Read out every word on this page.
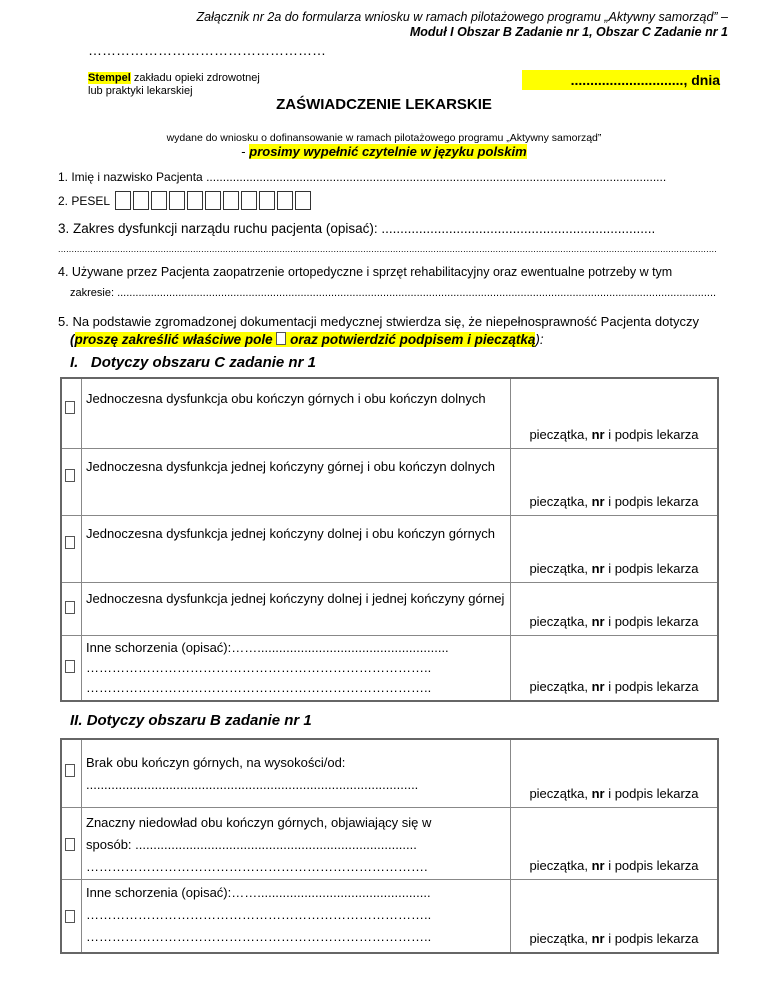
Załącznik nr 2a do formularza wniosku w ramach pilotażowego programu „Aktywny samorząd” –
Moduł I Obszar B Zadanie nr 1, Obszar C Zadanie nr 1
……………………………………………
Stempel zakładu opieki zdrowotnej
lub praktyki lekarskiej
............................., dnia
ZAŚWIADCZENIE LEKARSKIE
wydane do wniosku o dofinansowanie w ramach pilotażowego programu „Aktywny samorząd”
- prosimy wypełnić czytelnie w języku polskim
1. Imię i nazwisko Pacjenta ..........................................................................................................................................
2. PESEL
3. Zakres dysfunkcji narządu ruchu pacjenta (opisać): .........................................................................
....................................................................................................................................................................................................................................................
4. Używane przez Pacjenta zaopatrzenie ortopedyczne i sprzęt rehabilitacyjny oraz ewentualne potrzeby w tym
zakresie: ....................................................................................................................................................................................................
5. Na podstawie zgromadzonej dokumentacji medycznej stwierdza się, że niepełnosprawność Pacjenta dotyczy
(proszę zakreślić właściwe pole  oraz potwierdzić podpisem i pieczątką):
I. Dotyczy obszaru C zadanie nr 1
	Jednoczesna dysfunkcja obu kończyn górnych i obu kończyn dolnych	pieczątka, nr i podpis lekarza

	Jednoczesna dysfunkcja jednej kończyny górnej i obu kończyn dolnych	pieczątka, nr i podpis lekarza

	Jednoczesna dysfunkcja jednej kończyny dolnej i obu kończyn górnych	pieczątka, nr i podpis lekarza

	Jednoczesna dysfunkcja jednej kończyny dolnej i jednej kończyny górnej	pieczątka, nr i podpis lekarza

	Inne schorzenia (opisać):…….....................................................
……………………………………………………………………..
……………………………………………………………………..	pieczątka, nr i podpis lekarza
II. Dotyczy obszaru B zadanie nr 1

	Brak obu kończyn górnych, na wysokości/od:
............................................................................................	pieczątka, nr i podpis lekarza

	Znaczny niedowład obu kończyn górnych, objawiający się w
sposób: ..............................................................................
…………………………………………………………………….	pieczątka, nr i podpis lekarza

	Inne schorzenia (opisać):……................................................
……………………………………………………………………..
……………………………………………………………………..	pieczątka, nr i podpis lekarza
